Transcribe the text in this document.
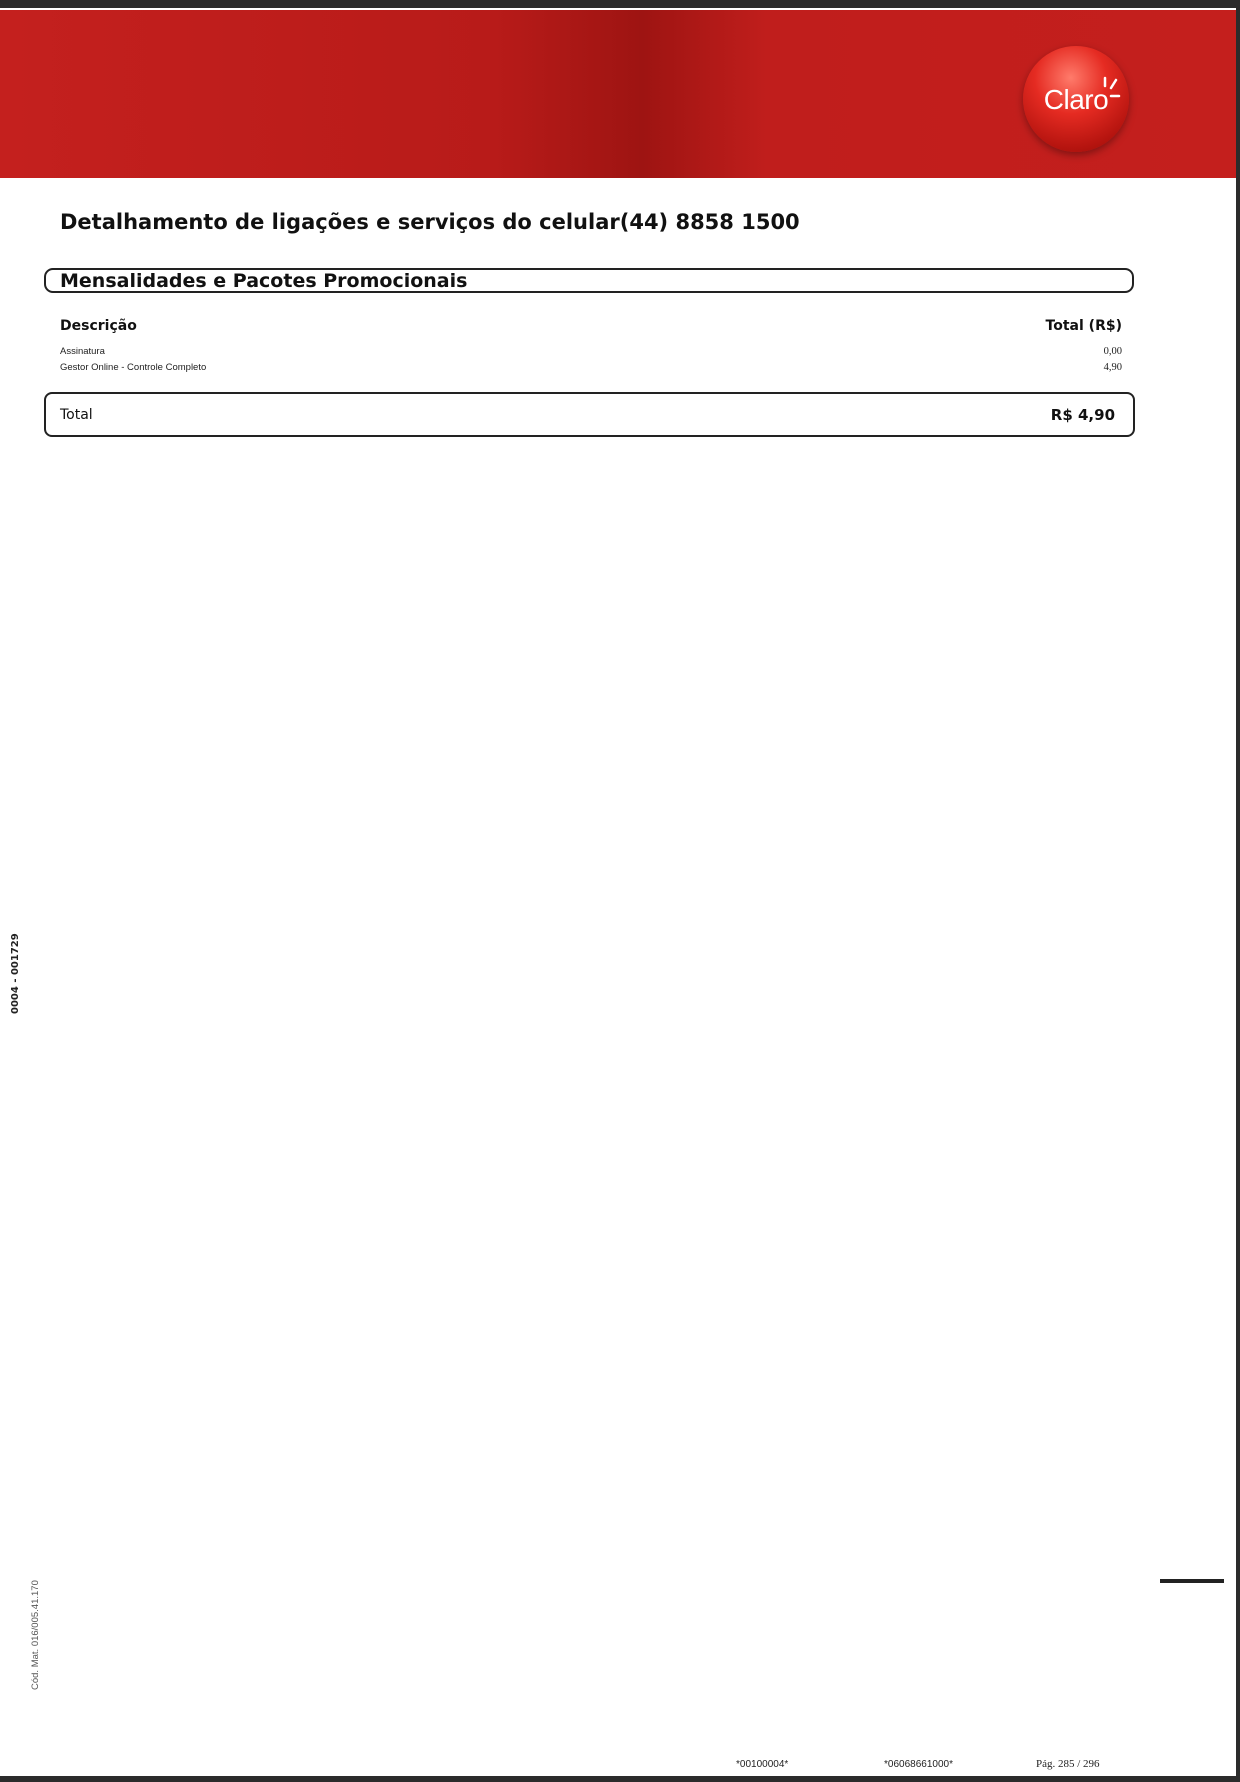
Claro
Detalhamento de ligações e serviços do celular(44) 8858 1500
Mensalidades e Pacotes Promocionais
Descrição	Total (R$)
Assinatura	0,00
Gestor Online - Controle Completo	4,90
Total	R$ 4,90
0004 - 001729
Cód. Mat. 016/005.41.170
*00100004*	*06068661000*	Pág. 285 / 296
